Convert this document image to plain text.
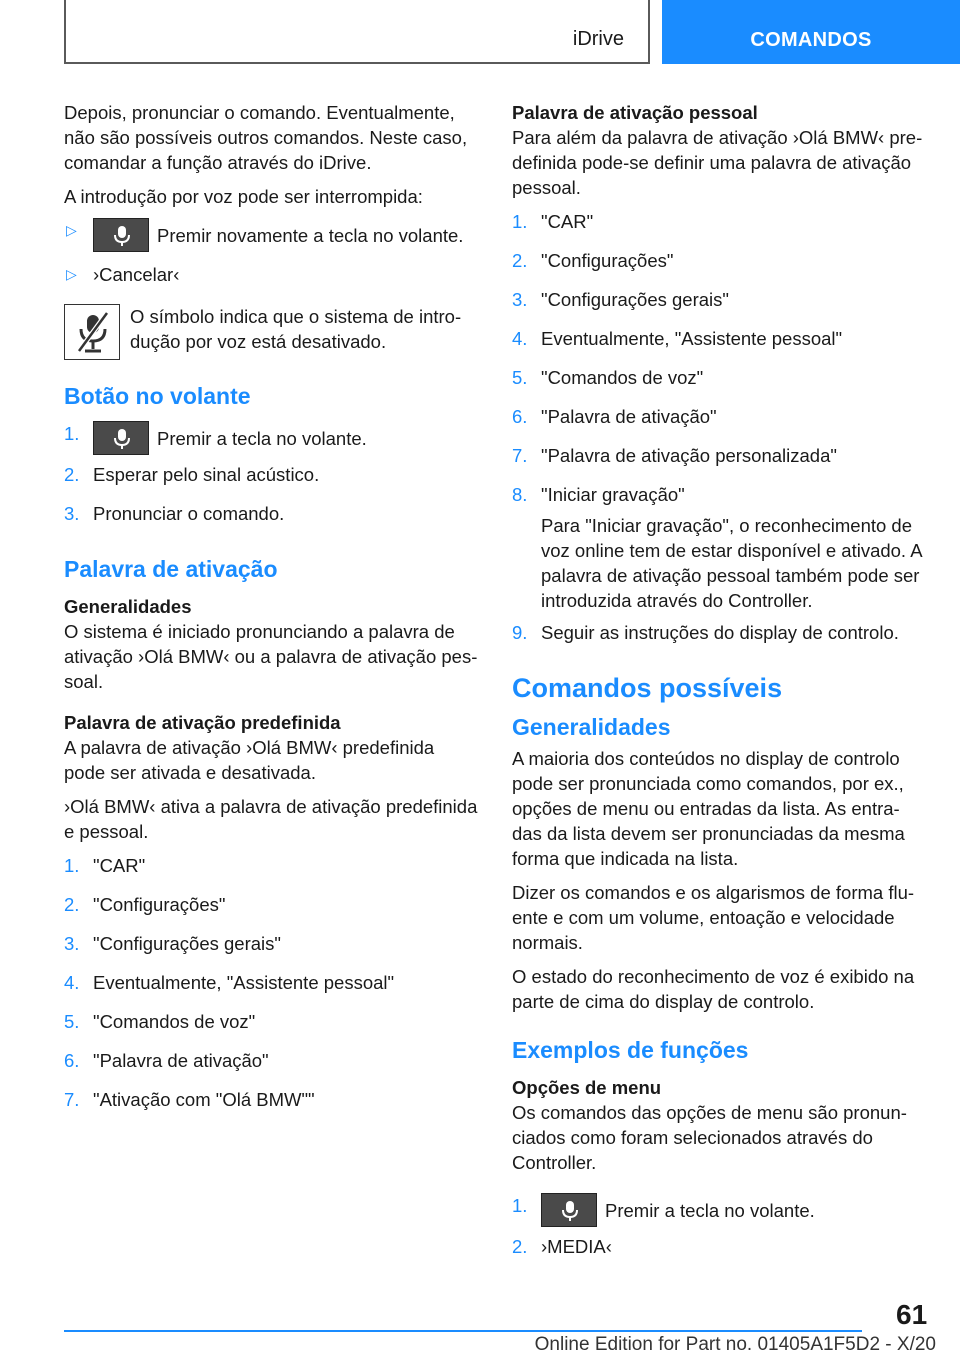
iDrive	COMANDOS

Depois, pronunciar o comando. Eventualmente, não são possíveis outros comandos. Neste caso, comandar a função através do iDrive.

A introdução por voz pode ser interrompida:

▷	Premir novamente a tecla no volante.
▷ ›Cancelar‹
O símbolo indica que o sistema de intro-dução por voz está desativado.
Botão no volante
1.	Premir a tecla no volante.
2. Esperar pelo sinal acústico.
3. Pronunciar o comando.
Palavra de ativação
Generalidades

O sistema é iniciado pronunciando a palavra de ativação ›Olá BMW‹ ou a palavra de ativação pes-soal.

Palavra de ativação predefinida

A palavra de ativação ›Olá BMW‹ predefinida pode ser ativada e desativada.

›Olá BMW‹ ativa a palavra de ativação predefinida e pessoal.

1. "CAR"
2. "Configurações"
3. "Configurações gerais"
4. Eventualmente, "Assistente pessoal"
5. "Comandos de voz"
6. "Palavra de ativação"
7. "Ativação com "Olá BMW""
Palavra de ativação pessoal

Para além da palavra de ativação ›Olá BMW‹ pre-definida pode-se definir uma palavra de ativação pessoal.

1. "CAR"
2. "Configurações"
3. "Configurações gerais"
4. Eventualmente, "Assistente pessoal"
5. "Comandos de voz"
6. "Palavra de ativação"
7. "Palavra de ativação personalizada"
8. "Iniciar gravação"
Para "Iniciar gravação", o reconhecimento de voz online tem de estar disponível e ativado. A palavra de ativação pessoal também pode ser introduzida através do Controller.
9. Seguir as instruções do display de controlo.
Comandos possíveis
Generalidades

A maioria dos conteúdos no display de controlo pode ser pronunciada como comandos, por ex., opções de menu ou entradas da lista. As entra-das da lista devem ser pronunciadas da mesma forma que indicada na lista.

Dizer os comandos e os algarismos de forma flu-ente e com um volume, entoação e velocidade normais.

O estado do reconhecimento de voz é exibido na parte de cima do display de controlo.

Exemplos de funções
Opções de menu

Os comandos das opções de menu são pronun-ciados como foram selecionados através do Controller.

1.	Premir a tecla no volante.
2. ›MEDIA‹
61
Online Edition for Part no. 01405A1F5D2 - X/20
